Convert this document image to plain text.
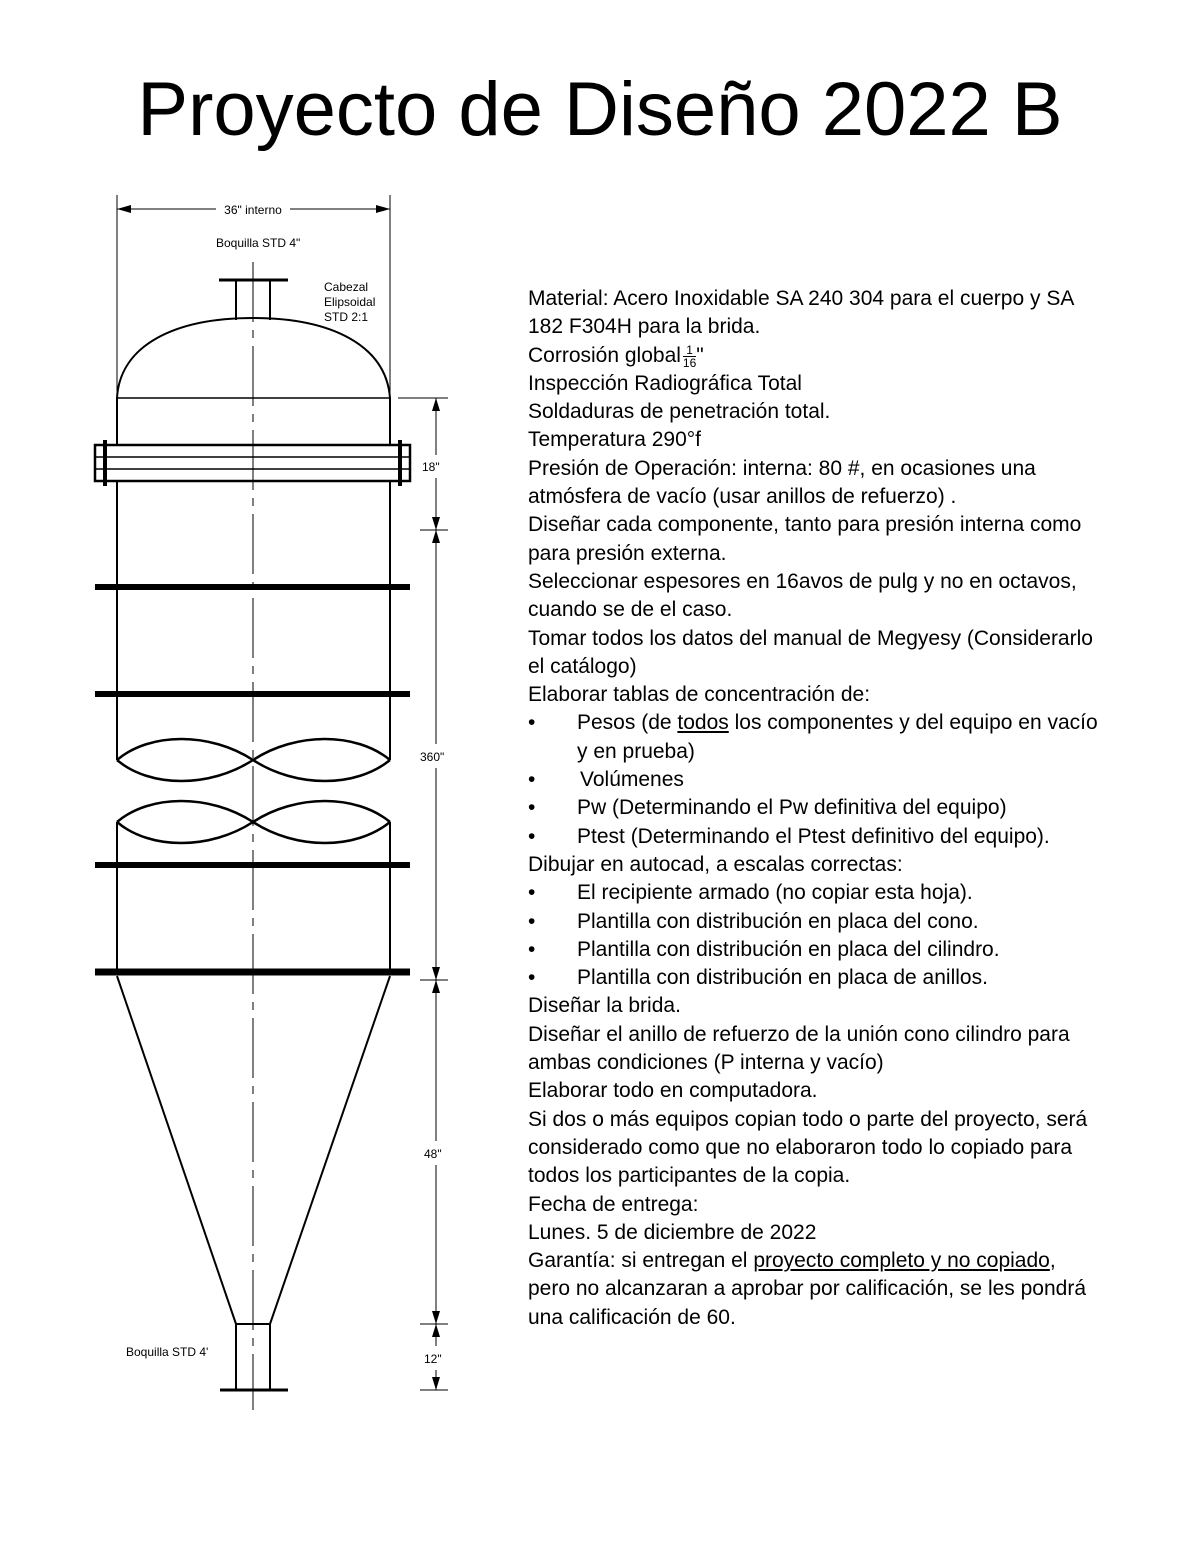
Proyecto de Diseño 2022 B
36" interno
Boquilla STD 4"
Cabezal
Elipsoidal
STD 2:1
18"
360"
48"
12"
Boquilla STD 4'

Material: Acero Inoxidable SA 240 304 para el cuerpo y SA 182 F304H para la brida.

Corrosión global $\frac{1}{16}$ "

Inspección Radiográfica Total

Soldaduras de penetración total.

Temperatura 290°f

Presión de Operación: interna: 80 #, en ocasiones una atmósfera de vacío (usar anillos de refuerzo) .

Diseñar cada componente, tanto para presión interna como para presión externa.

Seleccionar espesores en 16avos de pulg y no en octavos, cuando se de el caso.

Tomar todos los datos del manual de Megyesy (Considerarlo el catálogo)

Elaborar tablas de concentración de:

•	Pesos (de todos los componentes y del equipo en vacío y en prueba)
•	Volúmenes
•	Pw (Determinando el Pw definitiva del equipo)
•	Ptest (Determinando el Ptest definitivo del equipo).

Dibujar en autocad, a escalas correctas:

•	El recipiente armado (no copiar esta hoja).
•	Plantilla con distribución en placa del cono.
•	Plantilla con distribución en placa del cilindro.
•	Plantilla con distribución en placa de anillos.

Diseñar la brida.

Diseñar el anillo de refuerzo de la unión cono cilindro para ambas condiciones (P interna y vacío)

Elaborar todo en computadora.

Si dos o más equipos copian todo o parte del proyecto, será considerado como que no elaboraron todo lo copiado para todos los participantes de la copia.

Fecha de entrega:

Lunes. 5 de diciembre de 2022

Garantía: si entregan el proyecto completo y no copiado, pero no alcanzaran a aprobar por calificación, se les pondrá una calificación de 60.
